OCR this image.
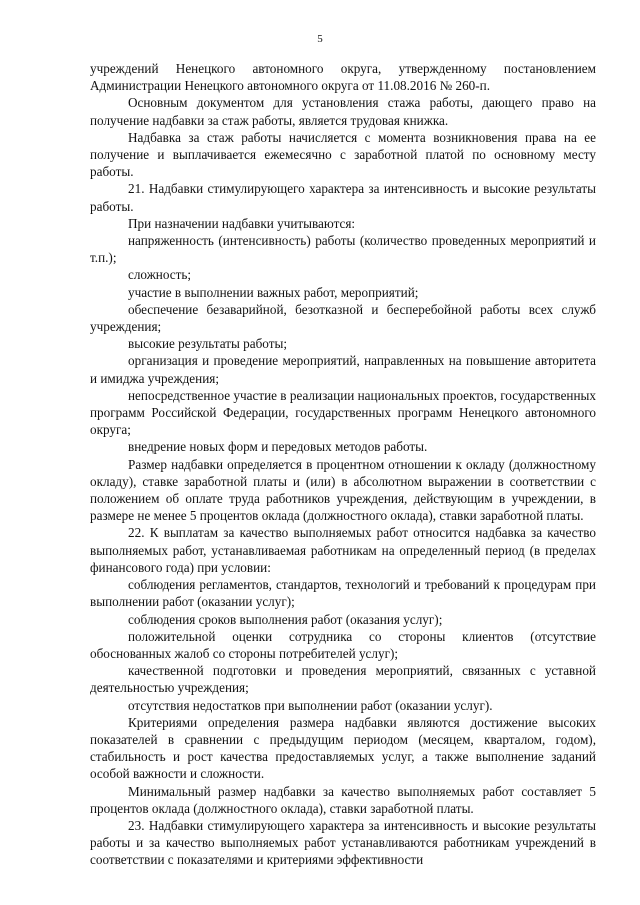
5

учреждений Ненецкого автономного округа, утвержденному постановлением Администрации Ненецкого автономного округа от 11.08.2016 № 260-п.

Основным документом для установления стажа работы, дающего право на получение надбавки за стаж работы, является трудовая книжка.

Надбавка за стаж работы начисляется с момента возникновения права на ее получение и выплачивается ежемесячно с заработной платой по основному месту работы.

21. Надбавки стимулирующего характера за интенсивность и высокие результаты работы.

При назначении надбавки учитываются:

напряженность (интенсивность) работы (количество проведенных мероприятий и т.п.);

сложность;

участие в выполнении важных работ, мероприятий;

обеспечение безаварийной, безотказной и бесперебойной работы всех служб учреждения;

высокие результаты работы;

организация и проведение мероприятий, направленных на повышение авторитета и имиджа учреждения;

непосредственное участие в реализации национальных проектов, государственных программ Российской Федерации, государственных программ Ненецкого автономного округа;

внедрение новых форм и передовых методов работы.

Размер надбавки определяется в процентном отношении к окладу (должностному окладу), ставке заработной платы и (или) в абсолютном выражении в соответствии с положением об оплате труда работников учреждения, действующим в учреждении, в размере не менее 5 процентов оклада (должностного оклада), ставки заработной платы.

22. К выплатам за качество выполняемых работ относится надбавка за качество выполняемых работ, устанавливаемая работникам на определенный период (в пределах финансового года) при условии:

соблюдения регламентов, стандартов, технологий и требований к процедурам при выполнении работ (оказании услуг);

соблюдения сроков выполнения работ (оказания услуг);

положительной оценки сотрудника со стороны клиентов (отсутствие обоснованных жалоб со стороны потребителей услуг);

качественной подготовки и проведения мероприятий, связанных с уставной деятельностью учреждения;

отсутствия недостатков при выполнении работ (оказании услуг).

Критериями определения размера надбавки являются достижение высоких показателей в сравнении с предыдущим периодом (месяцем, кварталом, годом), стабильность и рост качества предоставляемых услуг, а также выполнение заданий особой важности и сложности.

Минимальный размер надбавки за качество выполняемых работ составляет 5 процентов оклада (должностного оклада), ставки заработной платы.

23. Надбавки стимулирующего характера за интенсивность и высокие результаты работы и за качество выполняемых работ устанавливаются работникам учреждений в соответствии с показателями и критериями эффективности
